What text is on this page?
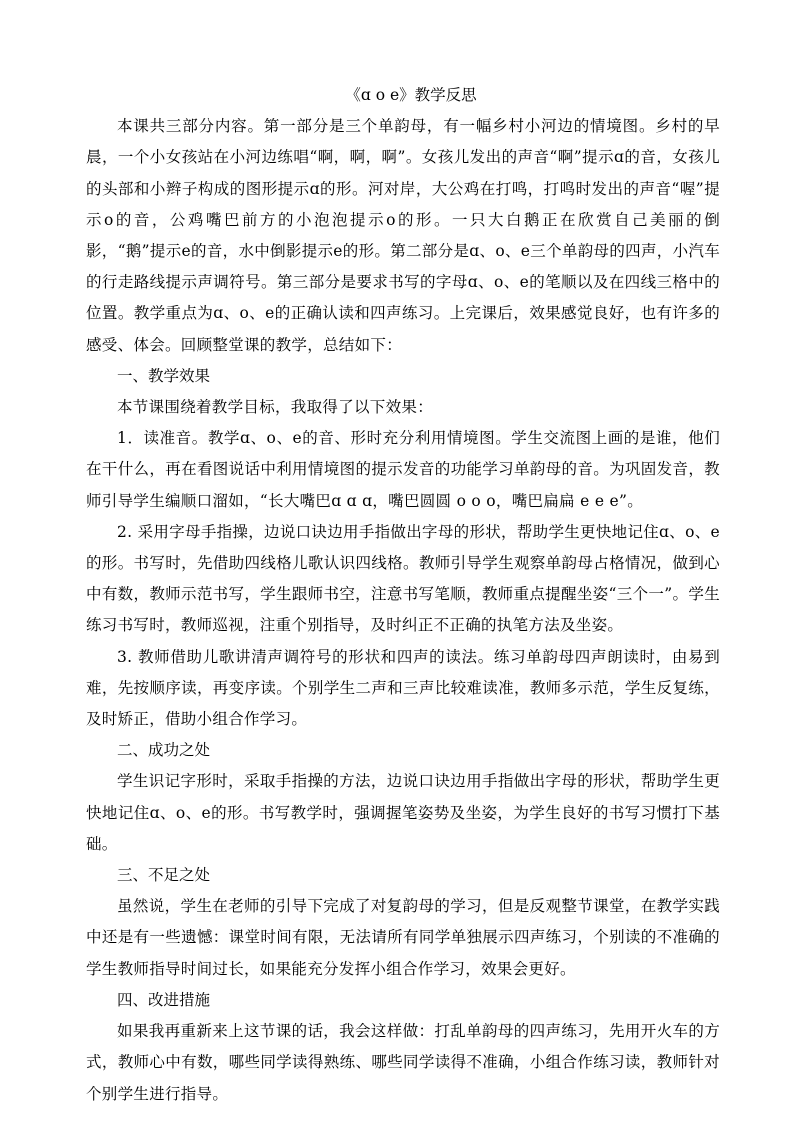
《ɑ o e》教学反思

本课共三部分内容。第一部分是三个单韵母，有一幅乡村小河边的情境图。乡村的早晨，一个小女孩站在小河边练唱“啊，啊，啊”。女孩儿发出的声音“啊”提示ɑ的音，女孩儿的头部和小辫子构成的图形提示ɑ的形。河对岸，大公鸡在打鸣，打鸣时发出的声音“喔”提示o的音，公鸡嘴巴前方的小泡泡提示o的形。一只大白鹅正在欣赏自己美丽的倒影，“鹅”提示e的音，水中倒影提示e的形。第二部分是ɑ、o、e三个单韵母的四声，小汽车的行走路线提示声调符号。第三部分是要求书写的字母ɑ、o、e的笔顺以及在四线三格中的位置。教学重点为ɑ、o、e的正确认读和四声练习。上完课后，效果感觉良好，也有许多的感受、体会。回顾整堂课的教学，总结如下：

一、教学效果

本节课围绕着教学目标，我取得了以下效果：

1．读准音。教学ɑ、o、e的音、形时充分利用情境图。学生交流图上画的是谁，他们在干什么，再在看图说话中利用情境图的提示发音的功能学习单韵母的音。为巩固发音，教师引导学生编顺口溜如，“长大嘴巴ɑ ɑ ɑ，嘴巴圆圆 o o o，嘴巴扁扁 e e e”。

2. 采用字母手指操，边说口诀边用手指做出字母的形状，帮助学生更快地记住ɑ、o、e的形。书写时，先借助四线格儿歌认识四线格。教师引导学生观察单韵母占格情况，做到心中有数，教师示范书写，学生跟师书空，注意书写笔顺，教师重点提醒坐姿“三个一”。学生练习书写时，教师巡视，注重个别指导，及时纠正不正确的执笔方法及坐姿。

3. 教师借助儿歌讲清声调符号的形状和四声的读法。练习单韵母四声朗读时，由易到难，先按顺序读，再变序读。个别学生二声和三声比较难读准，教师多示范，学生反复练，及时矫正，借助小组合作学习。

二、成功之处

学生识记字形时，采取手指操的方法，边说口诀边用手指做出字母的形状，帮助学生更快地记住ɑ、o、e的形。书写教学时，强调握笔姿势及坐姿，为学生良好的书写习惯打下基础。

三、不足之处

虽然说，学生在老师的引导下完成了对复韵母的学习，但是反观整节课堂，在教学实践中还是有一些遗憾：课堂时间有限，无法请所有同学单独展示四声练习，个别读的不准确的学生教师指导时间过长，如果能充分发挥小组合作学习，效果会更好。

四、改进措施

如果我再重新来上这节课的话，我会这样做：打乱单韵母的四声练习，先用开火车的方式，教师心中有数，哪些同学读得熟练、哪些同学读得不准确，小组合作练习读，教师针对个别学生进行指导。
